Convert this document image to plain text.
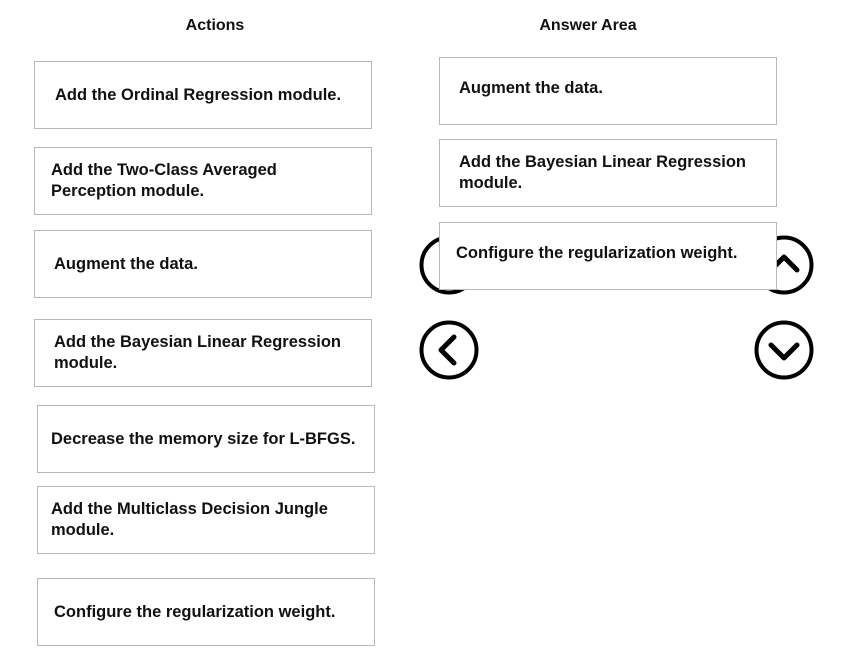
Actions	Answer Area
Add the Ordinal Regression module.
Add the Two-Class Averaged
Perception module.
Augment the data.
Add the Bayesian Linear Regression
module.
Decrease the memory size for L-BFGS.
Add the Multiclass Decision Jungle
module.
Configure the regularization weight.
Augment the data.
Add the Bayesian Linear Regression
module.
Configure the regularization weight.
